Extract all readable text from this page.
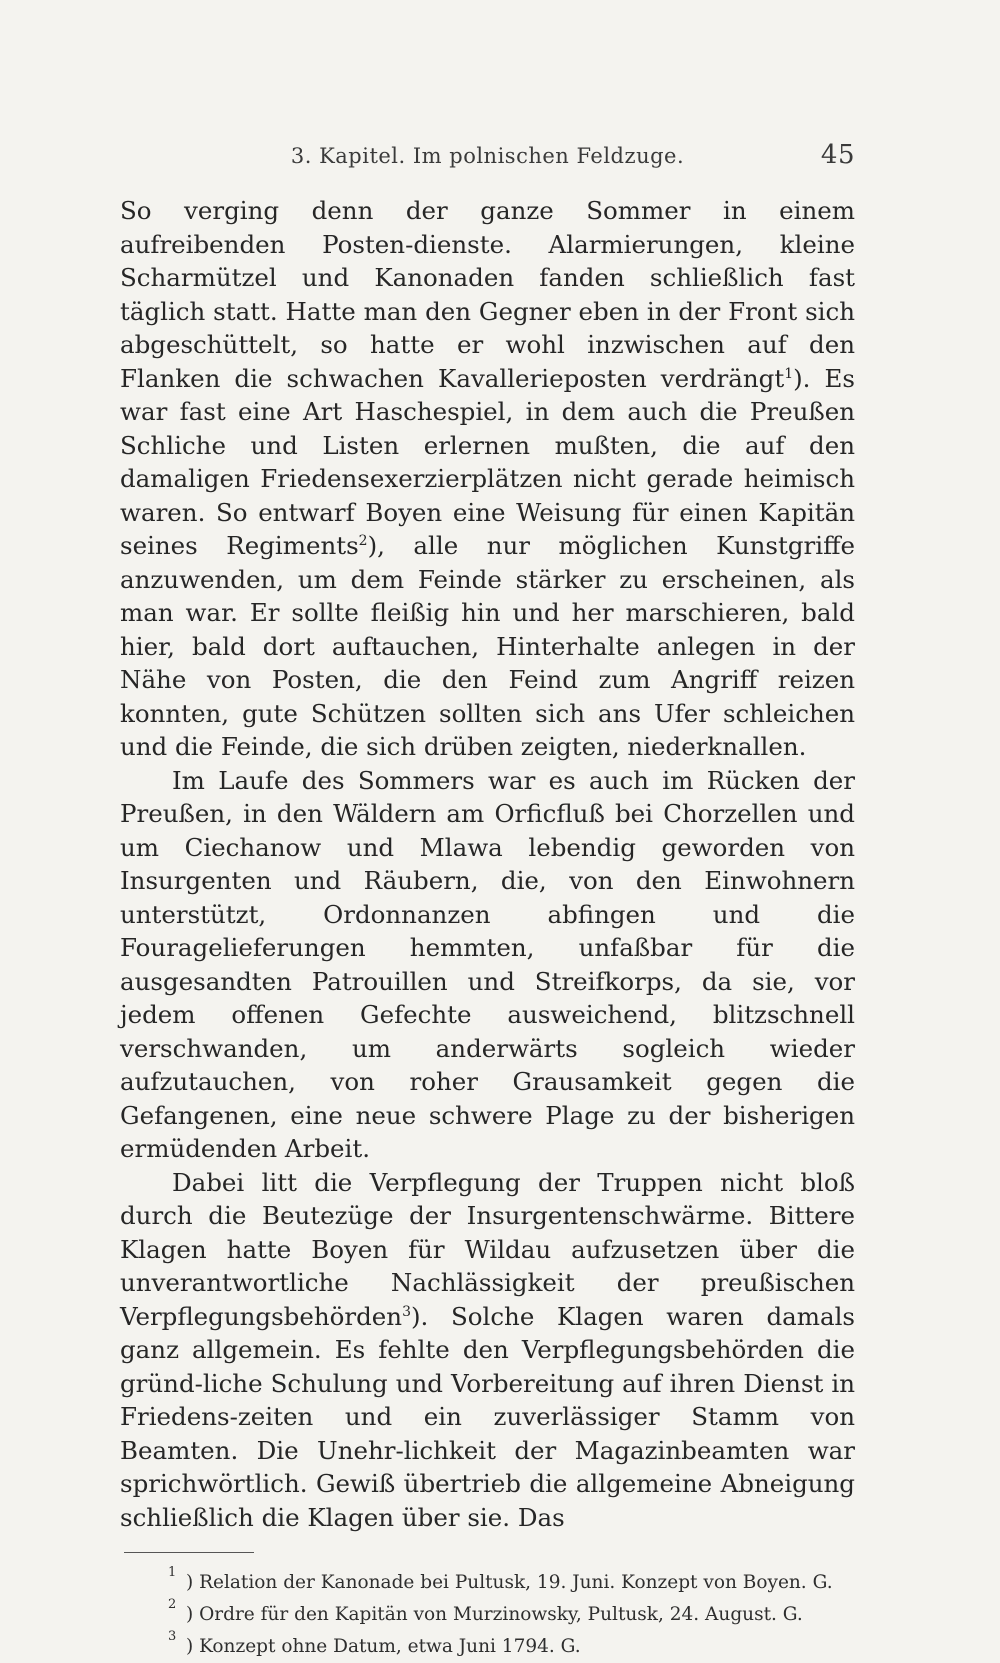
3. Kapitel. Im polnischen Feldzuge.	45

So verging denn der ganze Sommer in einem aufreibenden Posten-dienste. Alarmierungen, kleine Scharmützel und Kanonaden fanden schließlich fast täglich statt. Hatte man den Gegner eben in der Front sich abgeschüttelt, so hatte er wohl inzwischen auf den Flanken die schwachen Kavallerieposten verdrängt$^1$). Es war fast eine Art Haschespiel, in dem auch die Preußen Schliche und Listen erlernen mußten, die auf den damaligen Friedensexerzierplätzen nicht gerade heimisch waren. So entwarf Boyen eine Weisung für einen Kapitän seines Regiments$^2$), alle nur möglichen Kunstgriffe anzuwenden, um dem Feinde stärker zu erscheinen, als man war. Er sollte fleißig hin und her marschieren, bald hier, bald dort auftauchen, Hinterhalte anlegen in der Nähe von Posten, die den Feind zum Angriff reizen konnten, gute Schützen sollten sich ans Ufer schleichen und die Feinde, die sich drüben zeigten, niederknallen.

Im Laufe des Sommers war es auch im Rücken der Preußen, in den Wäldern am Orficfluß bei Chorzellen und um Ciechanow und Mlawa lebendig geworden von Insurgenten und Räubern, die, von den Einwohnern unterstützt, Ordonnanzen abfingen und die Fouragelieferungen hemmten, unfaßbar für die ausgesandten Patrouillen und Streifkorps, da sie, vor jedem offenen Gefechte ausweichend, blitzschnell verschwanden, um anderwärts sogleich wieder aufzutauchen, von roher Grausamkeit gegen die Gefangenen, eine neue schwere Plage zu der bisherigen ermüdenden Arbeit.

Dabei litt die Verpflegung der Truppen nicht bloß durch die Beutezüge der Insurgentenschwärme. Bittere Klagen hatte Boyen für Wildau aufzusetzen über die unverantwortliche Nachlässigkeit der preußischen Verpflegungsbehörden$^3$). Solche Klagen waren damals ganz allgemein. Es fehlte den Verpflegungsbehörden die gründ-liche Schulung und Vorbereitung auf ihren Dienst in Friedens-zeiten und ein zuverlässiger Stamm von Beamten. Die Unehr-lichkeit der Magazinbeamten war sprichwörtlich. Gewiß übertrieb die allgemeine Abneigung schließlich die Klagen über sie. Das

1 ) Relation der Kanonade bei Pultusk, 19. Juni. Konzept von Boyen. G.
2 ) Ordre für den Kapitän von Murzinowsky, Pultusk, 24. August. G.
3 ) Konzept ohne Datum, etwa Juni 1794. G.
